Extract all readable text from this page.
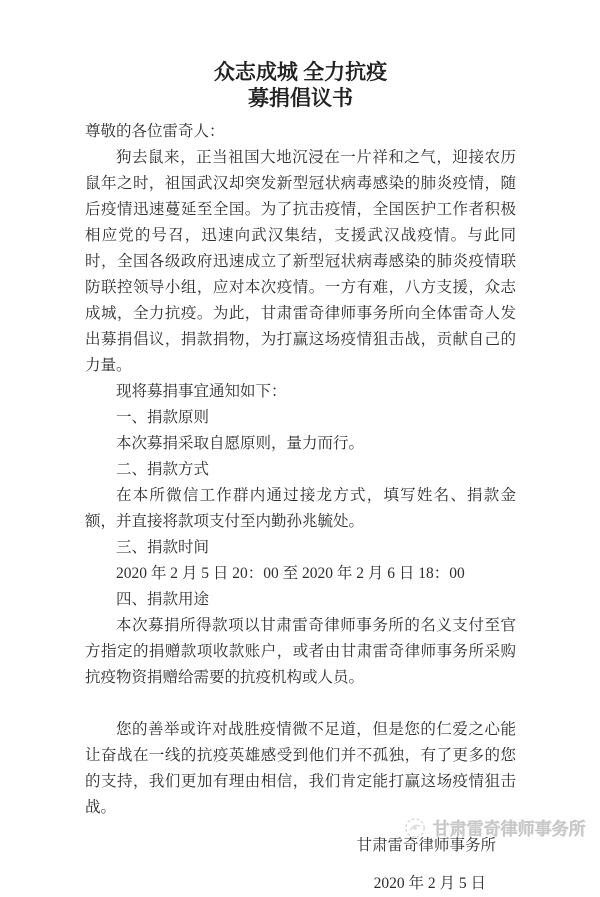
众志成城 全力抗疫
募捐倡议书

尊敬的各位雷奇人：

狗去鼠来，正当祖国大地沉浸在一片祥和之气，迎接农历鼠年之时，祖国武汉却突发新型冠状病毒感染的肺炎疫情，随后疫情迅速蔓延至全国。为了抗击疫情，全国医护工作者积极相应党的号召，迅速向武汉集结，支援武汉战疫情。与此同时，全国各级政府迅速成立了新型冠状病毒感染的肺炎疫情联防联控领导小组，应对本次疫情。一方有难，八方支援，众志成城，全力抗疫。为此，甘肃雷奇律师事务所向全体雷奇人发出募捐倡议，捐款捐物，为打赢这场疫情狙击战，贡献自己的力量。

现将募捐事宜通知如下：

一、捐款原则

本次募捐采取自愿原则，量力而行。

二、捐款方式

在本所微信工作群内通过接龙方式，填写姓名、捐款金额，并直接将款项支付至内勤孙兆毓处。

三、捐款时间

2020 年 2 月 5 日 20：00 至 2020 年 2 月 6 日 18：00

四、捐款用途

本次募捐所得款项以甘肃雷奇律师事务所的名义支付至官方指定的捐赠款项收款账户，或者由甘肃雷奇律师事务所采购抗疫物资捐赠给需要的抗疫机构或人员。

您的善举或许对战胜疫情微不足道，但是您的仁爱之心能让奋战在一线的抗疫英雄感受到他们并不孤独，有了更多的您的支持，我们更加有理由相信，我们肯定能打赢这场疫情狙击战。

甘肃雷奇律师事务所

2020 年 2 月 5 日

甘肃雷奇律师事务所
